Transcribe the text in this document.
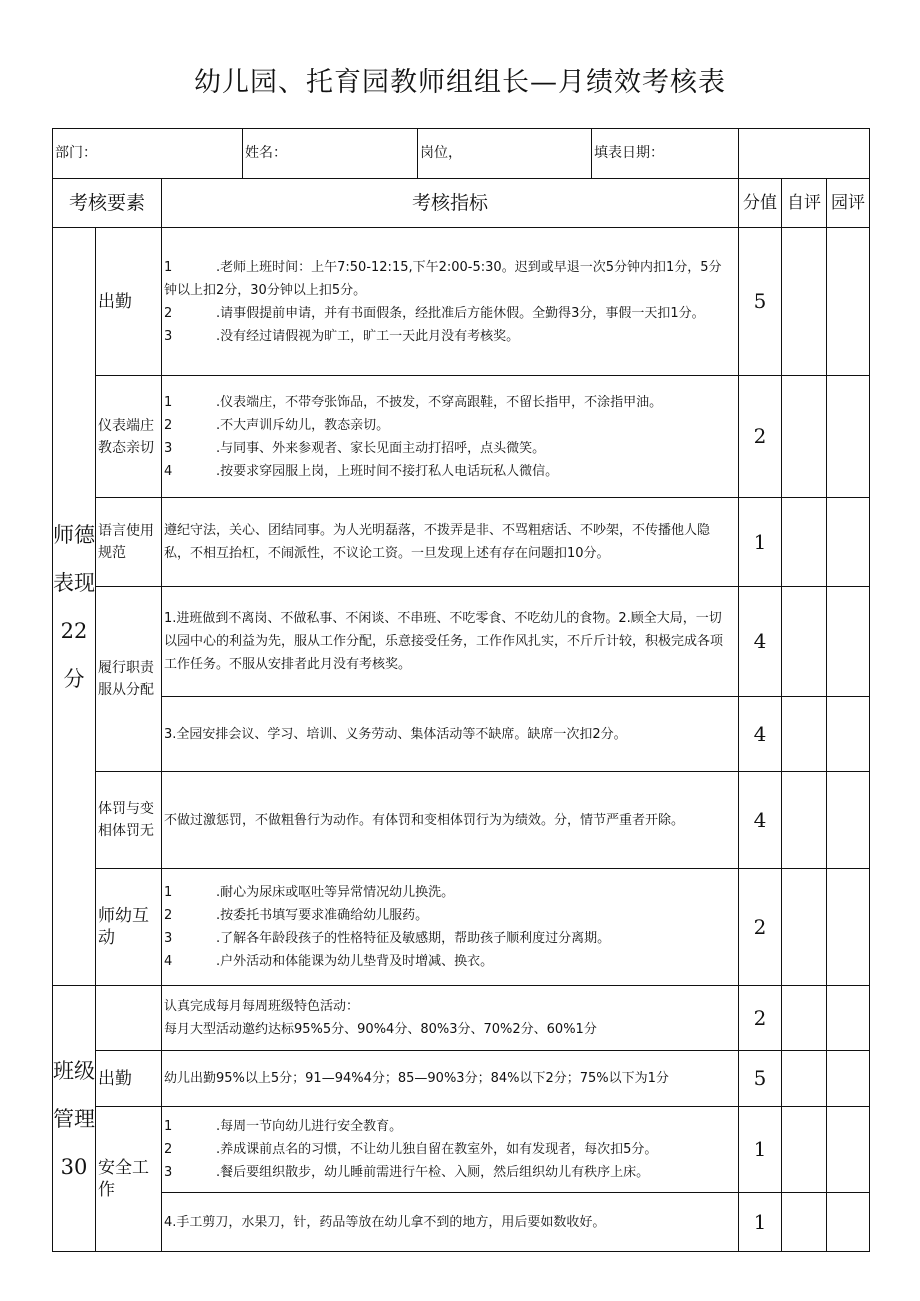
幼儿园、托育园教师组组长—月绩效考核表
部门： 姓名： 岗位， 填表日期：					

考核要素		考核指标	分值	自评	园评

师德表现22分	出勤	1 .老师上班时间：上午7:50-12:15,下午2:00-5:30。迟到或早退一次5分钟内扣1分，5分钟以上扣2分，30分钟以上扣5分。
2 .请事假提前申请，并有书面假条，经批准后方能休假。全勤得3分，事假一天扣1分。
3 .没有经过请假视为旷工，旷工一天此月没有考核奖。	5		
	仪表端庄教态亲切	1 .仪表端庄，不带夸张饰品，不披发，不穿高跟鞋，不留长指甲，不涂指甲油。
2 .不大声训斥幼儿，教态亲切。
3 .与同事、外来参观者、家长见面主动打招呼，点头微笑。
4 .按要求穿园服上岗，上班时间不接打私人电话玩私人微信。	2		
	语言使用规范	遵纪守法，关心、团结同事。为人光明磊落，不拨弄是非、不骂粗痞话、不吵架，不传播他人隐私，不相互抬杠，不闹派性，不议论工资。一旦发现上述有存在问题扣10分。	1		
	履行职责服从分配	1.进班做到不离岗、不做私事、不闲谈、不串班、不吃零食、不吃幼儿的食物。2.顾全大局，一切以园中心的利益为先，服从工作分配，乐意接受任务，工作作风扎实，不斤斤计较，积极完成各项工作任务。不服从安排者此月没有考核奖。	4		
		3.全园安排会议、学习、培训、义务劳动、集体活动等不缺席。缺席一次扣2分。	4		
	体罚与变相体罚无	不做过激惩罚，不做粗鲁行为动作。有体罚和变相体罚行为为绩效。分，情节严重者开除。	4		
	师幼互动	1 .耐心为尿床或呕吐等异常情况幼儿换洗。
2 .按委托书填写要求准确给幼儿服药。
3 .了解各年龄段孩子的性格特征及敏感期，帮助孩子顺利度过分离期。
4 .户外活动和体能课为幼儿垫背及时增减、换衣。	2		

班级管理30		认真完成每月每周班级特色活动：
每月大型活动邀约达标95%5分、90%4分、80%3分、70%2分、60%1分	2		
	出勤	幼儿出勤95%以上5分；91—94%4分；85—90%3分；84%以下2分；75%以下为1分	5		
	安全工作	1 .每周一节向幼儿进行安全教育。
2 .养成课前点名的习惯，不让幼儿独自留在教室外，如有发现者，每次扣5分。
3 .餐后要组织散步，幼儿睡前需进行午检、入厕，然后组织幼儿有秩序上床。	1		
		4.手工剪刀，水果刀，针，药品等放在幼儿拿不到的地方，用后要如数收好。	1		
